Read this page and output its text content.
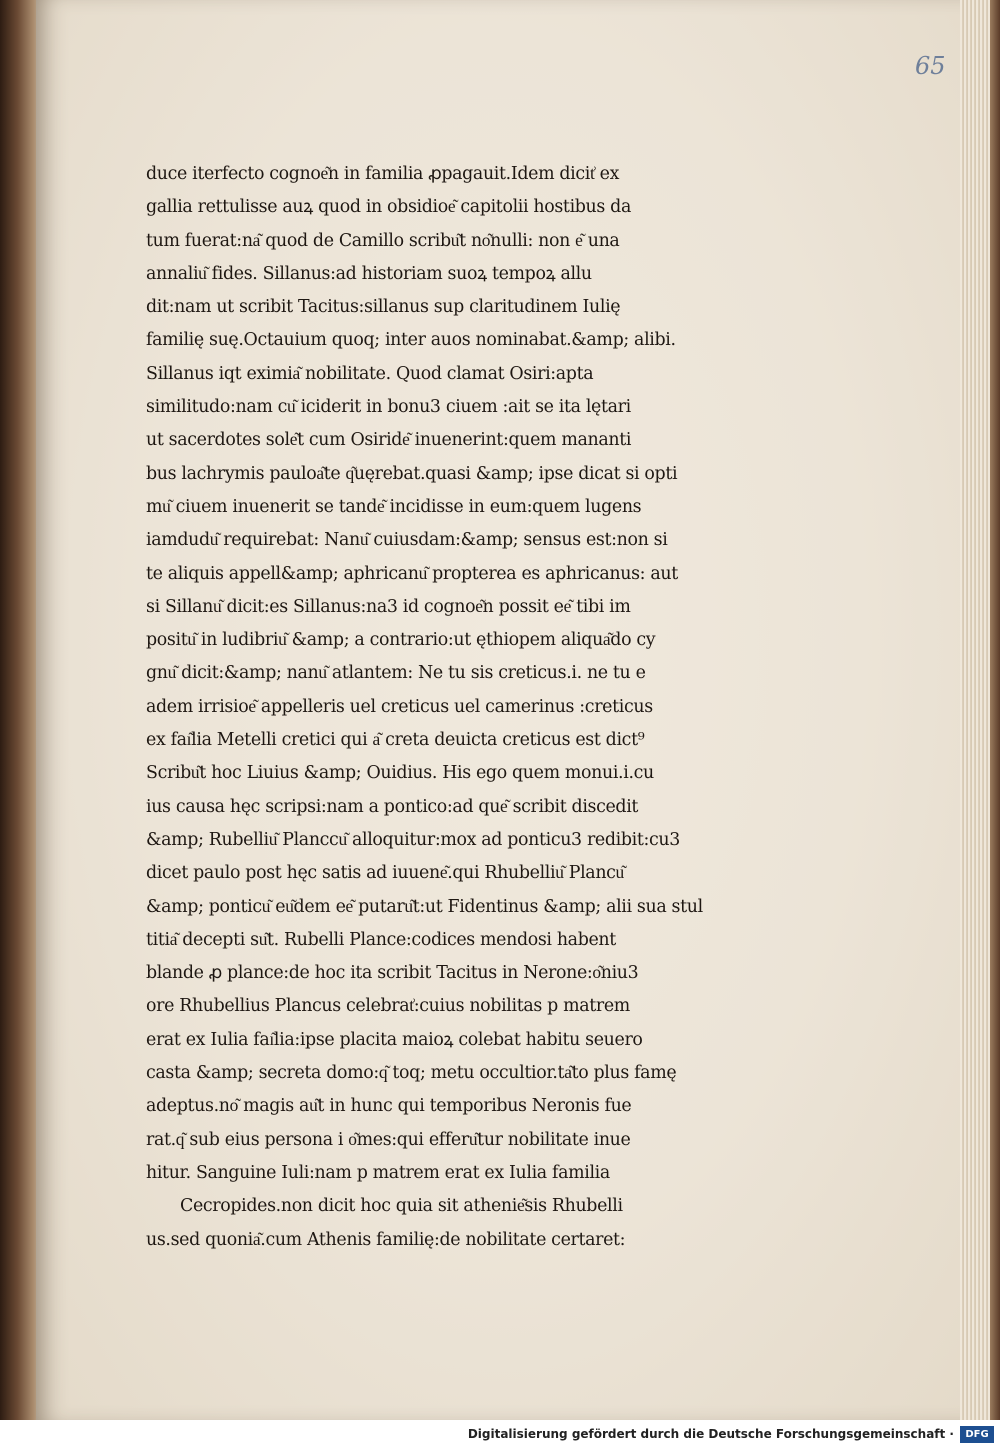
65
duce iterfecto cognoe͂n in familia ꝓpagauit.Idem dicit͗ ex
gallia rettulisse auꝝ quod in obsidioe͂ capitolii hostibus da
tum fuerat:na͂ quod de Camillo scribu͂t no͂nulli: non e͂ una
annaliu͂ fides. Sillanus:ad historiam suoꝝ tempoꝝ allu
dit:nam ut scribit Tacitus:sillanus sup claritudinem Iulię
familię suę.Octauium quoq; inter auos nominabat.&amp; alibi.
Sillanus iqt eximia͂ nobilitate. Quod clamat Osiri:apta
similitudo:nam cu͂ iciderit in bonu3 ciuem :ait se ita lętari
ut sacerdotes sole͂t cum Osiride͂ inuenerint:quem mananti
bus lachrymis pauloa͂te q͂uęrebat.quasi &amp; ipse dicat si opti
mu͂ ciuem inuenerit se tande͂ incidisse in eum:quem lugens
iamdudu͂ requirebat: Nanu͂ cuiusdam:&amp; sensus est:non si
te aliquis appell&amp; aphricanu͂ propterea es aphricanus: aut
si Sillanu͂ dicit:es Sillanus:na3 id cognoe͂n possit ee͂ tibi im
positu͂ in ludibriu͂ &amp; a contrario:ut ęthiopem aliqua͂do cy
gnu͂ dicit:&amp; nanu͂ atlantem: Ne tu sis creticus.i. ne tu e
adem irrisioe͂ appelleris uel creticus uel camerinus :creticus
ex faı͂lia Metelli cretici qui a͂ creta deuicta creticus est dict⁹
Scribu͂t hoc Liuius &amp; Ouidius. His ego quem monui.i.cu
ius causa hęc scripsi:nam a pontico:ad que͂ scribit discedit
&amp; Rubelliu͂ Planccu͂ alloquitur:mox ad ponticu3 redibit:cu3
dicet paulo post hęc satis ad iuuene͂.qui Rhubelliu͂ Plancu͂
&amp; ponticu͂ eu͂dem ee͂ putaru͂t:ut Fidentinus &amp; alii sua stul
titia͂ decepti su͂t. Rubelli Plance:codices mendosi habent
blande ꝓ plance:de hoc ita scribit Tacitus in Nerone:o͂niu3
ore Rhubellius Plancus celebrat͗:cuius nobilitas p matrem
erat ex Iulia faı͂lia:ipse placita maioꝝ colebat habitu seuero
casta &amp; secreta domo:q͂ toq; metu occultior.ta͂to plus famę
adeptus.no͂ magis au͂t in hunc qui temporibus Neronis fue
rat.q͂ sub eius persona i o͂mes:qui efferu͂tur nobilitate inue
hitur. Sanguine Iuli:nam p matrem erat ex Iulia familia
Cecropides.non dicit hoc quia sit athenie͂sis Rhubelli
us.sed quonia͂.cum Athenis familię:de nobilitate certaret:
Digitalisierung gefördert durch die Deutsche Forschungsgemeinschaft ·	DFG
